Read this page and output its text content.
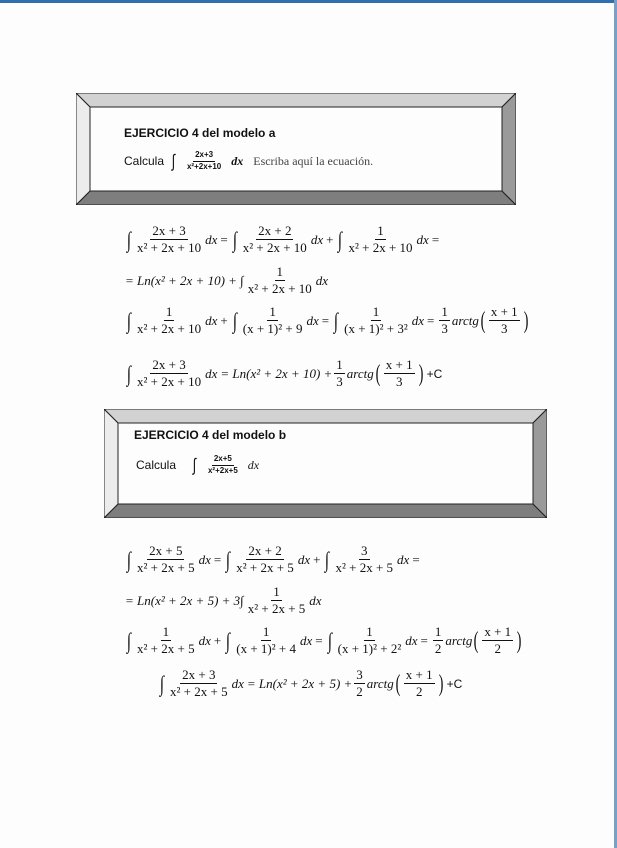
EJERCICIO 4 del modelo a
Calcula ∫ $\frac{2x+3}{\text{x²+2x+10}}$ dx Escriba aquí la ecuación.
∫ $\frac{2x + 3}{\text{x² + 2x + 10}}$ dx = ∫ $\frac{2x + 2}{\text{x² + 2x + 10}}$ dx + ∫ $\frac{1}{\text{x² + 2x + 10}}$ dx =
= Ln(x² + 2x + 10) + ∫ $\frac{1}{\text{x² + 2x + 10}}$ dx
∫ $\frac{1}{\text{x² + 2x + 10}}$ dx + ∫ $\frac{1}{\text{(x + 1)² + 9}}$ dx = ∫ $\frac{1}{\text{(x + 1)² + 3²}}$ dx = $\frac{1}{3}$ arctg ( $\frac{x + 1}{3}$ )
∫ $\frac{2x + 3}{\text{x² + 2x + 10}}$ dx = $Ln(x^2 + 2x + 10) + \frac{1}{3}$ arctg ( $\frac{x + 1}{3}$ ) +C
EJERCICIO 4 del modelo b
Calcula ∫ $\frac{2x+5}{\text{x²+2x+5}}$ dx
∫ $\frac{2x + 5}{\text{x² + 2x + 5}}$ dx = ∫ $\frac{2x + 2}{\text{x² + 2x + 5}}$ dx + ∫ $\frac{3}{\text{x² + 2x + 5}}$ dx =
= $Ln(x^2 + 2x + 5) + 3\int \frac{1}{\text{x² + 2x + 5}}$ dx
∫ $\frac{1}{\text{x² + 2x + 5}}$ dx + ∫ $\frac{1}{\text{(x + 1)² + 4}}$ dx = ∫ $\frac{1}{\text{(x + 1)² + 2²}}$ dx = $\frac{1}{2}$ arctg ( $\frac{x + 1}{2}$ )
∫ $\frac{2x + 3}{\text{x² + 2x + 5}}$ dx = $Ln(x^2 + 2x + 5) + \frac{3}{2}$ arctg ( $\frac{x + 1}{2}$ ) +C
